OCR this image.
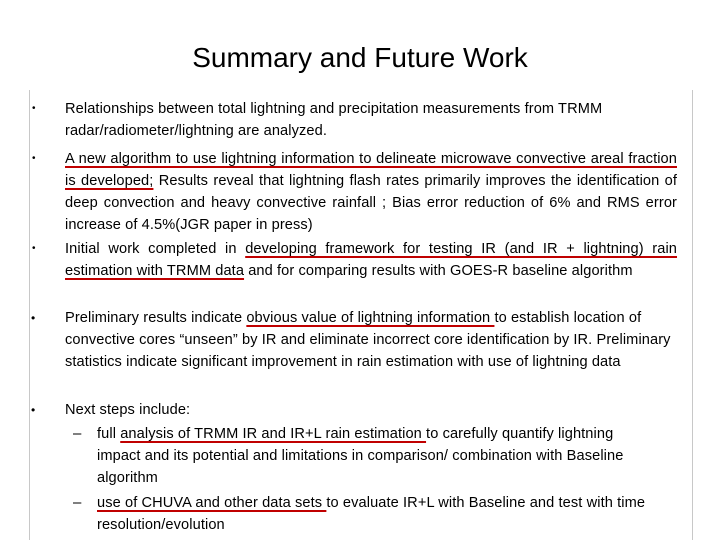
Summary and Future Work
• Relationships between total lightning and precipitation measurements from TRMM radar/radiometer/lightning are analyzed.
• A new algorithm to use lightning information to delineate microwave convective areal fraction is developed; Results reveal that lightning flash rates primarily improves the identification of deep convection and heavy convective rainfall ; Bias error reduction of 6% and RMS error increase of 4.5%(JGR paper in press)
• Initial work completed in developing framework for testing IR (and IR + lightning) rain estimation with TRMM data and for comparing results with GOES-R baseline algorithm
• Preliminary results indicate obvious value of lightning information to establish location of convective cores “unseen” by IR and eliminate incorrect core identification by IR. Preliminary statistics indicate significant improvement in rain estimation with use of lightning data
• Next steps include:
– full analysis of TRMM IR and IR+L rain estimation to carefully quantify lightning impact and its potential and limitations in comparison/ combination with Baseline algorithm
– use of CHUVA and other data sets to evaluate IR+L with Baseline and test with time resolution/evolution
